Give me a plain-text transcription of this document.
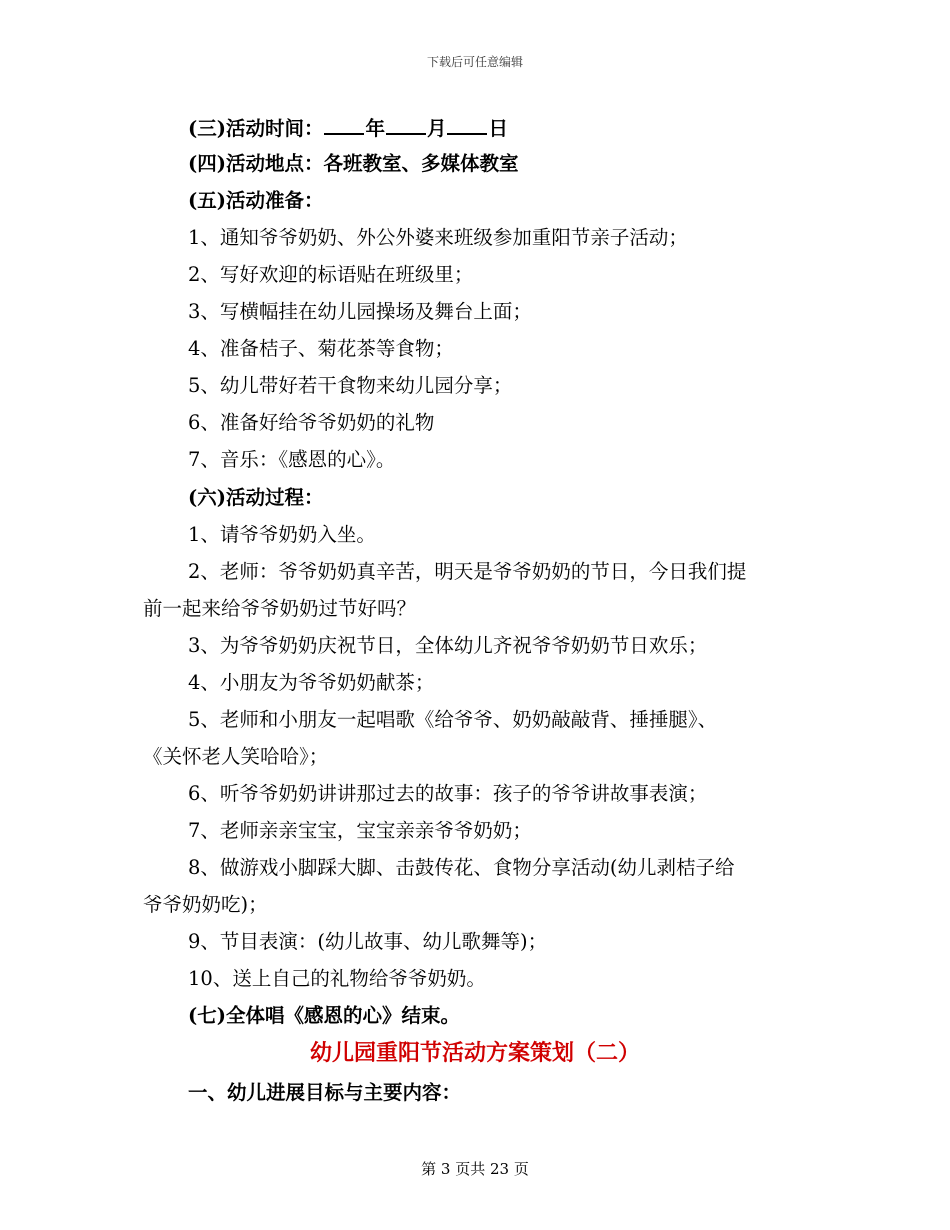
下载后可任意编辑
(三)活动时间： 年 月 日
(四)活动地点：各班教室、多媒体教室
(五)活动准备：
1、通知爷爷奶奶、外公外婆来班级参加重阳节亲子活动；
2、写好欢迎的标语贴在班级里；
3、写横幅挂在幼儿园操场及舞台上面；
4、准备桔子、菊花茶等食物；
5、幼儿带好若干食物来幼儿园分享；
6、准备好给爷爷奶奶的礼物
7、音乐：《感恩的心》。
(六)活动过程：
1、请爷爷奶奶入坐。
2、老师：爷爷奶奶真辛苦，明天是爷爷奶奶的节日，今日我们提
前一起来给爷爷奶奶过节好吗？
3、为爷爷奶奶庆祝节日，全体幼儿齐祝爷爷奶奶节日欢乐；
4、小朋友为爷爷奶奶献茶；
5、老师和小朋友一起唱歌《给爷爷、奶奶敲敲背、捶捶腿》、
《关怀老人笑哈哈》；
6、听爷爷奶奶讲讲那过去的故事：孩子的爷爷讲故事表演；
7、老师亲亲宝宝，宝宝亲亲爷爷奶奶；
8、做游戏小脚踩大脚、击鼓传花、食物分享活动(幼儿剥桔子给
爷爷奶奶吃)；
9、节目表演：(幼儿故事、幼儿歌舞等)；
10、送上自己的礼物给爷爷奶奶。
(七)全体唱《感恩的心》结束。
幼儿园重阳节活动方案策划（二）
一、幼儿进展目标与主要内容：
第 3 页共 23 页
